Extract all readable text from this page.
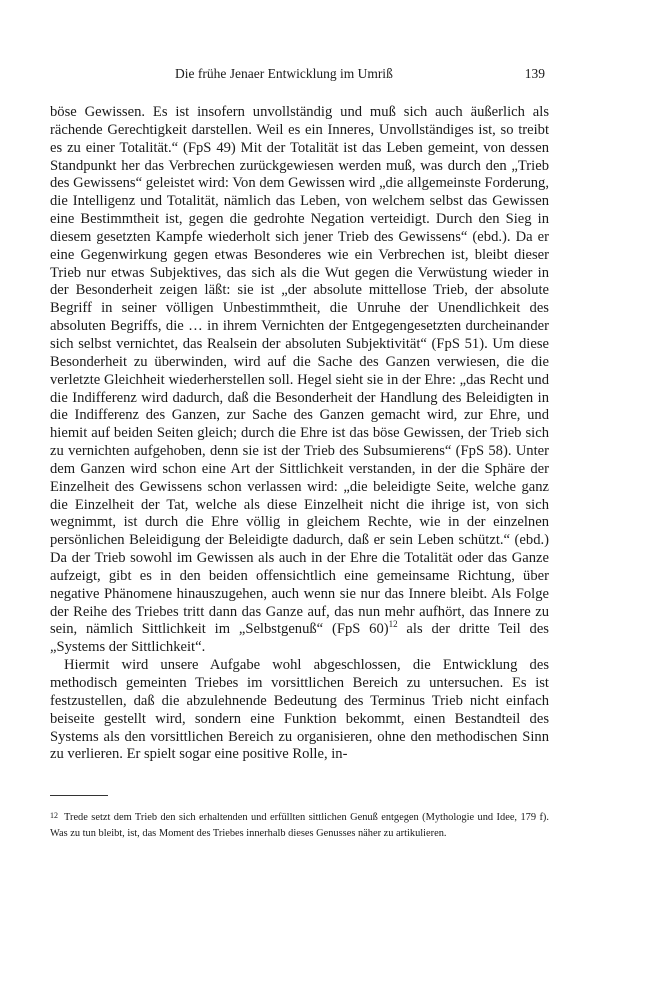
Die frühe Jenaer Entwicklung im Umriß	139

böse Gewissen. Es ist insofern unvollständig und muß sich auch äußerlich als rächende Gerechtigkeit darstellen. Weil es ein Inneres, Unvollständiges ist, so treibt es zu einer Totalität.“ (FpS 49) Mit der Totalität ist das Leben gemeint, von dessen Standpunkt her das Verbrechen zurückgewiesen werden muß, was durch den „Trieb des Gewissens“ geleistet wird: Von dem Gewissen wird „die allgemeinste Forderung, die Intelligenz und Totalität, nämlich das Leben, von welchem selbst das Gewissen eine Bestimmtheit ist, gegen die gedrohte Negation verteidigt. Durch den Sieg in diesem gesetzten Kampfe wiederholt sich jener Trieb des Gewissens“ (ebd.). Da er eine Gegenwirkung gegen etwas Besonderes wie ein Verbrechen ist, bleibt dieser Trieb nur etwas Subjektives, das sich als die Wut gegen die Verwüstung wieder in der Besonderheit zeigen läßt: sie ist „der absolute mittellose Trieb, der absolute Begriff in seiner völligen Unbestimmtheit, die Unruhe der Unendlichkeit des absoluten Begriffs, die … in ihrem Vernichten der Entgegengesetzten durcheinander sich selbst vernichtet, das Realsein der absoluten Subjektivität“ (FpS 51). Um diese Besonderheit zu überwinden, wird auf die Sache des Ganzen verwiesen, die die verletzte Gleichheit wiederherstellen soll. Hegel sieht sie in der Ehre: „das Recht und die Indifferenz wird dadurch, daß die Besonderheit der Handlung des Beleidigten in die Indifferenz des Ganzen, zur Sache des Ganzen gemacht wird, zur Ehre, und hiemit auf beiden Seiten gleich; durch die Ehre ist das böse Gewissen, der Trieb sich zu vernichten aufgehoben, denn sie ist der Trieb des Subsumierens“ (FpS 58). Unter dem Ganzen wird schon eine Art der Sittlichkeit verstanden, in der die Sphäre der Einzelheit des Gewissens schon verlassen wird: „die beleidigte Seite, welche ganz die Einzelheit der Tat, welche als diese Einzelheit nicht die ihrige ist, von sich wegnimmt, ist durch die Ehre völlig in gleichem Rechte, wie in der einzelnen persönlichen Beleidigung der Beleidigte dadurch, daß er sein Leben schützt.“ (ebd.) Da der Trieb sowohl im Gewissen als auch in der Ehre die Totalität oder das Ganze aufzeigt, gibt es in den beiden offensichtlich eine gemeinsame Richtung, über negative Phänomene hinauszugehen, auch wenn sie nur das Innere bleibt. Als Folge der Reihe des Triebes tritt dann das Ganze auf, das nun mehr aufhört, das Innere zu sein, nämlich Sittlichkeit im „Selbstgenuß“ (FpS 60)$^{12}$ als der dritte Teil des „Systems der Sittlichkeit“.

Hiermit wird unsere Aufgabe wohl abgeschlossen, die Entwicklung des methodisch gemeinten Triebes im vorsittlichen Bereich zu untersuchen. Es ist festzustellen, daß die abzulehnende Bedeutung des Terminus Trieb nicht einfach beiseite gestellt wird, sondern eine Funktion bekommt, einen Bestandteil des Systems als den vorsittlichen Bereich zu organisieren, ohne den methodischen Sinn zu verlieren. Er spielt sogar eine positive Rolle, in-

12 Trede setzt dem Trieb den sich erhaltenden und erfüllten sittlichen Genuß entgegen (Mythologie und Idee, 179 f). Was zu tun bleibt, ist, das Moment des Triebes innerhalb dieses Genusses näher zu artikulieren.
